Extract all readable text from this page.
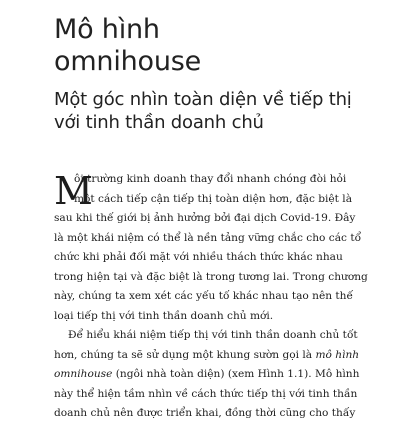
Mô hình
omnihouse
Một góc nhìn toàn diện về tiếp thị
với tinh thần doanh chủ
M
ôi trường kinh doanh thay đổi nhanh chóng đòi hỏi
một cách tiếp cận tiếp thị toàn diện hơn, đặc biệt là
sau khi thế giới bị ảnh hưởng bởi đại dịch Covid-19. Đây
là một khái niệm có thể là nền tảng vững chắc cho các tổ
chức khi phải đối mặt với nhiều thách thức khác nhau
trong hiện tại và đặc biệt là trong tương lai. Trong chương
này, chúng ta xem xét các yếu tố khác nhau tạo nên thế
loại tiếp thị với tinh thần doanh chủ mới.
Để hiểu khái niệm tiếp thị với tinh thần doanh chủ tốt
hơn, chúng ta sẽ sử dụng một khung sườn gọi là mô hình
omnihouse (ngôi nhà toàn diện) (xem Hình 1.1). Mô hình
này thể hiện tầm nhìn về cách thức tiếp thị với tinh thần
doanh chủ nên được triển khai, đồng thời cũng cho thấy
